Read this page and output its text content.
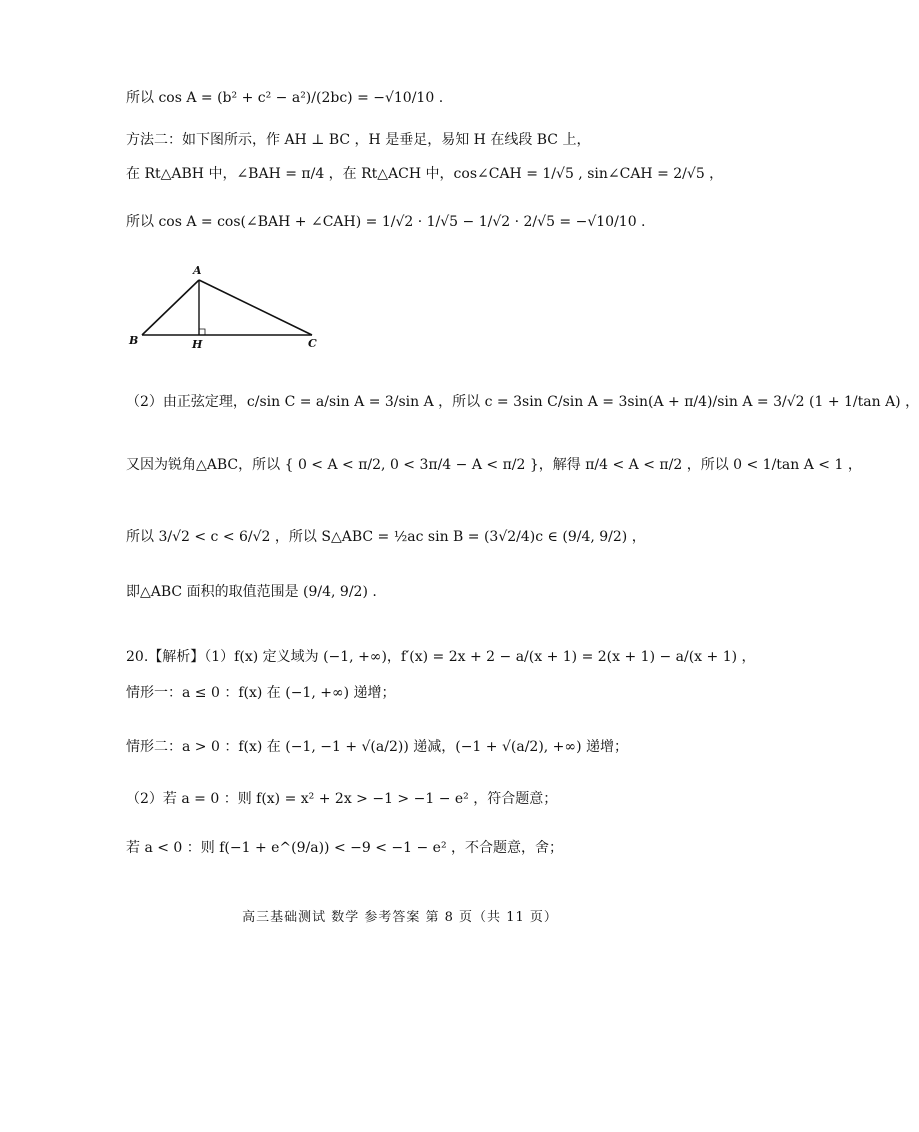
所以 cos A = (b² + c² − a²)/(2bc) = −√10/10 .
方法二：如下图所示，作 AH ⊥ BC ，H 是垂足，易知 H 在线段 BC 上，
在 Rt△ABH 中，∠BAH = π/4 ，在 Rt△ACH 中，cos∠CAH = 1/√5 , sin∠CAH = 2/√5 ，
所以 cos A = cos(∠BAH + ∠CAH) = 1/√2 · 1/√5 − 1/√2 · 2/√5 = −√10/10 .
A
B	H	C
（2）由正弦定理，c/sin C = a/sin A = 3/sin A ，所以 c = 3sin C/sin A = 3sin(A + π/4)/sin A = 3/√2 (1 + 1/tan A) ，
又因为锐角△ABC，所以 { 0 < A < π/2, 0 < 3π/4 − A < π/2 }，解得 π/4 < A < π/2 ，所以 0 < 1/tan A < 1 ，
所以 3/√2 < c < 6/√2 ，所以 S△ABC = ½ac sin B = (3√2/4)c ∈ (9/4, 9/2) ，
即△ABC 面积的取值范围是 (9/4, 9/2) .
20.【解析】（1）f(x) 定义域为 (−1, +∞)，f′(x) = 2x + 2 − a/(x + 1) = 2(x + 1) − a/(x + 1) ，
情形一：a ≤ 0 ：f(x) 在 (−1, +∞) 递增；
情形二：a > 0 ：f(x) 在 (−1, −1 + √(a/2)) 递减，(−1 + √(a/2), +∞) 递增；
（2）若 a = 0 ：则 f(x) = x² + 2x > −1 > −1 − e² ，符合题意；
若 a < 0 ：则 f(−1 + e^(9/a)) < −9 < −1 − e² ，不合题意，舍；
高三基础测试 数学 参考答案 第 8 页（共 11 页）
